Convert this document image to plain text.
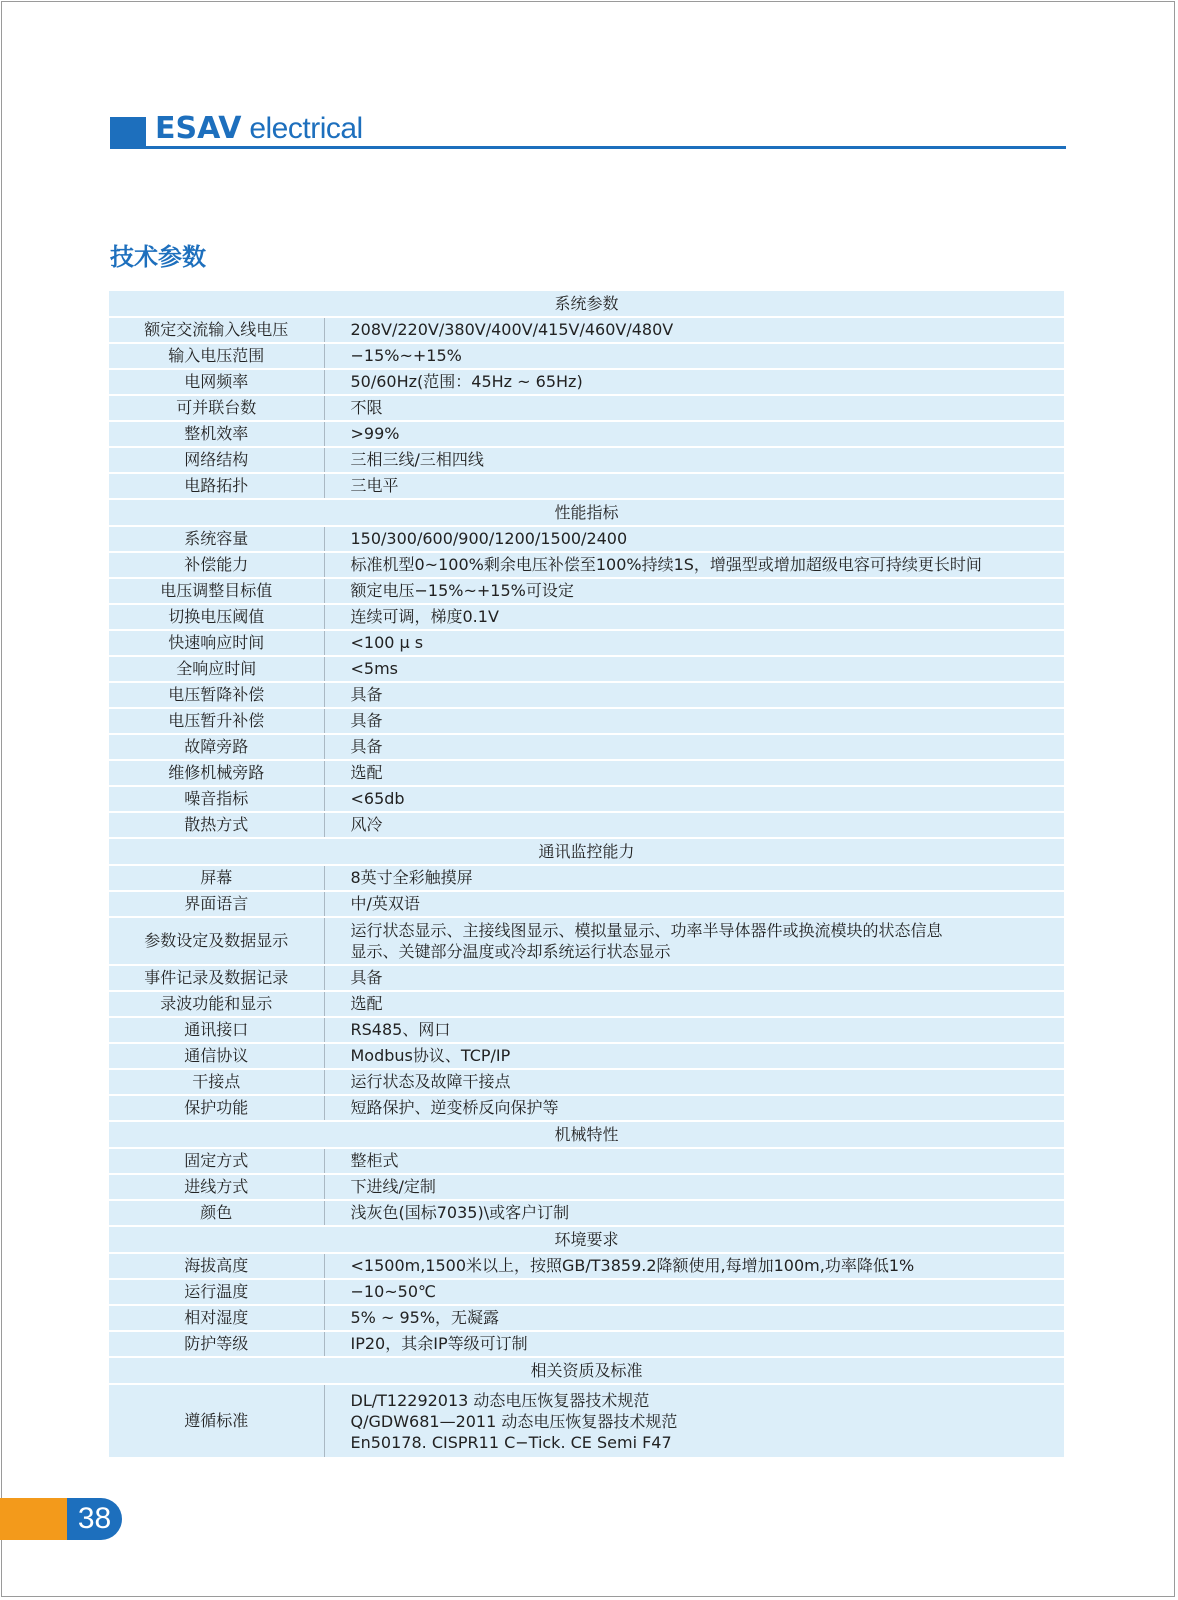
ESAV electrical
技术参数
系统参数	
额定交流输入线电压	208V/220V/380V/400V/415V/460V/480V
输入电压范围	−15%~+15%
电网频率	50/60Hz(范围：45Hz ~ 65Hz)
可并联台数	不限
整机效率	>99%
网络结构	三相三线/三相四线
电路拓扑	三电平
性能指标	
系统容量	150/300/600/900/1200/1500/2400
补偿能力	标准机型0~100%剩余电压补偿至100%持续1S，增强型或增加超级电容可持续更长时间
电压调整目标值	额定电压−15%~+15%可设定
切换电压阈值	连续可调，梯度0.1V
快速响应时间	<100 μ s
全响应时间	<5ms
电压暂降补偿	具备
电压暂升补偿	具备
故障旁路	具备
维修机械旁路	选配
噪音指标	<65db
散热方式	风冷
通讯监控能力	
屏幕	8英寸全彩触摸屏
界面语言	中/英双语
参数设定及数据显示	运行状态显示、主接线图显示、模拟量显示、功率半导体器件或换流模块的状态信息
显示、关键部分温度或冷却系统运行状态显示

事件记录及数据记录	具备
录波功能和显示	选配
通讯接口	RS485、网口
通信协议	Modbus协议、TCP/IP
干接点	运行状态及故障干接点
保护功能	短路保护、逆变桥反向保护等
机械特性	
固定方式	整柜式
进线方式	下进线/定制
颜色	浅灰色(国标7035)\或客户订制
环境要求	
海拔高度	<1500m,1500米以上，按照GB/T3859.2降额使用,每增加100m,功率降低1%
运行温度	−10~50℃
相对湿度	5% ~ 95%，无凝露
防护等级	IP20，其余IP等级可订制
相关资质及标准	
遵循标准	DL/T12292013 动态电压恢复器技术规范
Q/GDW681—2011 动态电压恢复器技术规范
En50178. CISPR11 C−Tick. CE Semi F47
38
